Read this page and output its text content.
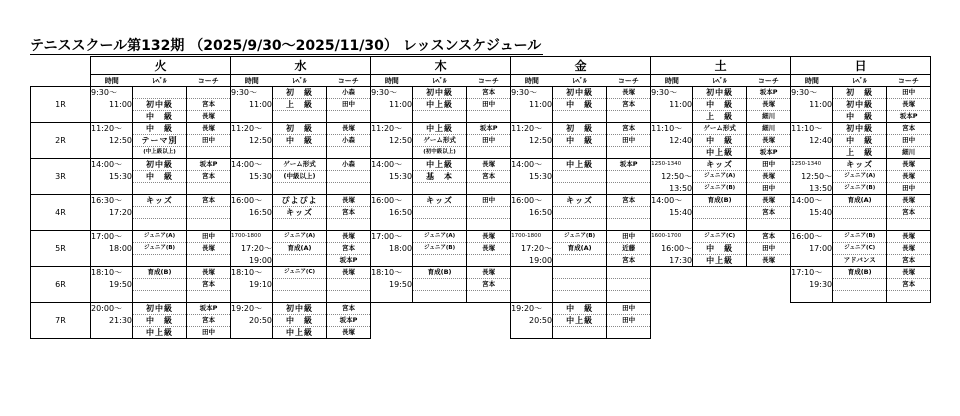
テニススクール第132期 （2025/9/30～2025/11/30） レッスンスケジュール
	火			水			木			金			土			日		
	時間	ﾚﾍﾞﾙ	コーチ	時間	ﾚﾍﾞﾙ	コーチ	時間	ﾚﾍﾞﾙ	コーチ	時間	ﾚﾍﾞﾙ	コーチ	時間	ﾚﾍﾞﾙ	コーチ	時間	ﾚﾍﾞﾙ	コーチ
1R	9:30～			9:30～	初　級	小森	9:30～	初中級	宮本	9:30～	初中級	長塚	9:30～	初中級	坂本P	9:30～	初　級	田中
	11:00	初中級	宮本	11:00	上　級	田中	11:00	中上級	田中	11:00	中　級	宮本	11:00	中　級	長塚	11:00	初中級	長塚
		中　級	長塚											上　級	細川		中　級	坂本P
2R	11:20～	中　級	長塚	11:20～	初　級	長塚	11:20～	中上級	坂本P	11:20～	初　級	宮本	11:10～	ゲーム形式	細川	11:10～	初中級	宮本
	12:50	テーマ別	田中	12:50	中　級	小森	12:50	ゲーム形式	田中	12:50	中　級	田中	12:40	中　級	長塚	12:40	中　級	田中
		(中上級以上)						(初中級以上)						中上級	坂本P		上　級	細川
3R	14:00～	初中級	坂本P	14:00～	ゲーム形式	小森	14:00～	中上級	長塚	14:00～	中上級	坂本P	1250-1340	キッズ	田中	1250-1340	キッズ	長塚
	15:30	中　級	宮本	15:30	(中級以上)		15:30	基　本	宮本	15:30			12:50～	ジュニア(A)	長塚	12:50～	ジュニア(A)	長塚
													13:50	ジュニア(B)	田中	13:50	ジュニア(B)	田中
4R	16:30～	キッズ	宮本	16:00～	ぴよぴよ	長塚	16:00～	キッズ	田中	16:00～	キッズ	宮本	14:00～	育成(B)	長塚	14:00～	育成(A)	長塚
	17:20			16:50	キッズ	宮本	16:50			16:50			15:40		宮本	15:40		宮本

5R	17:00～	ジュニア(A)	田中	1700-1800	ジュニア(A)	長塚	17:00～	ジュニア(A)	長塚	1700-1800	ジュニア(B)	田中	1600-1700	ジュニア(C)	宮本	16:00～	ジュニア(B)	長塚
	18:00	ジュニア(B)	長塚	17:20～	育成(A)	宮本	18:00	ジュニア(B)	長塚	17:20～	育成(A)	近藤	16:00～	中　級	田中	17:00	ジュニア(C)	長塚
				19:00		坂本P				19:00		宮本	17:30	中上級	長塚		アドバンス	宮本
6R	18:10～	育成(B)	長塚	18:10～	ジュニア(C)	長塚	18:10～	育成(B)	長塚							17:10～	育成(B)	長塚
	19:50		宮本	19:10			19:50		宮本							19:30		宮本

7R	20:00～	初中級	坂本P	19:20～	初中級	宮本				19:20～	中　級	田中						
	21:30	中　級	宮本	20:50	中　級	坂本P				20:50	中上級	田中						
		中上級	田中		中上級	長塚												
